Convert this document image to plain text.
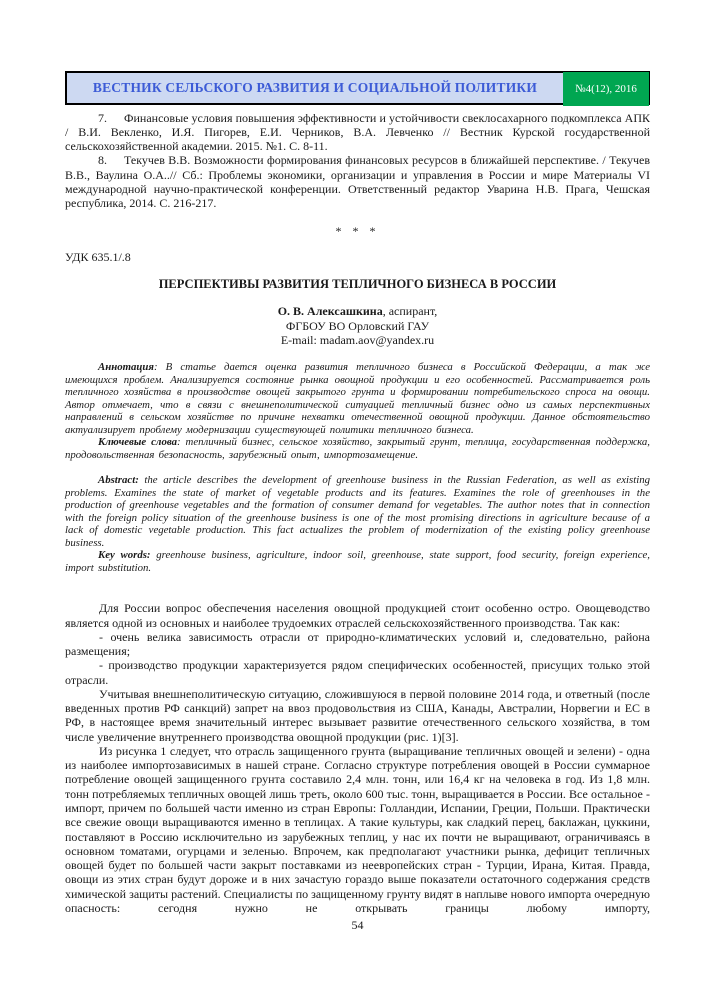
ВЕСТНИК СЕЛЬСКОГО РАЗВИТИЯ И СОЦИАЛЬНОЙ ПОЛИТИКИ	№4(12), 2016

7. Финансовые условия повышения эффективности и устойчивости свеклосахарного подкомплекса АПК / В.И. Векленко, И.Я. Пигорев, Е.И. Черников, В.А. Левченко // Вестник Курской государственной сельскохозяйственной академии. 2015. №1. С. 8-11.

8. Текучев В.В. Возможности формирования финансовых ресурсов в ближайшей перспективе. / Текучев В.В., Ваулина О.А..// Сб.: Проблемы экономики, организации и управления в России и мире Материалы VI международной научно-практической конференции. Ответственный редактор Уварина Н.В. Прага, Чешская республика, 2014. С. 216-217.

* * *

УДК 635.1/.8

ПЕРСПЕКТИВЫ РАЗВИТИЯ ТЕПЛИЧНОГО БИЗНЕСА В РОССИИ

О. В. Алексашкина, аспирант,

ФГБОУ ВО Орловский ГАУ

E-mail: madam.aov@yandex.ru

Аннотация: В статье дается оценка развития тепличного бизнеса в Российской Федерации, а так же имеющихся проблем. Анализируется состояние рынка овощной продукции и его особенностей. Рассматривается роль тепличного хозяйства в производстве овощей закрытого грунта и формировании потребительского спроса на овощи. Автор отмечает, что в связи с внешнеполитической ситуацией тепличный бизнес одно из самых перспективных направлений в сельском хозяйстве по причине нехватки отечественной овощной продукции. Данное обстоятельство актуализирует проблему модернизации существующей политики тепличного бизнеса.

Ключевые слова: тепличный бизнес, сельское хозяйство, закрытый грунт, теплица, государственная поддержка, продовольственная безопасность, зарубежный опыт, импортозамещение.

Abstract: the article describes the development of greenhouse business in the Russian Federation, as well as existing problems. Examines the state of market of vegetable products and its features. Examines the role of greenhouses in the production of greenhouse vegetables and the formation of consumer demand for vegetables. The author notes that in connection with the foreign policy situation of the greenhouse business is one of the most promising directions in agriculture because of a lack of domestic vegetable production. This fact actualizes the problem of modernization of the existing policy greenhouse business.

Key words: greenhouse business, agriculture, indoor soil, greenhouse, state support, food security, foreign experience, import substitution.

Для России вопрос обеспечения населения овощной продукцией стоит особенно остро. Овощеводство является одной из основных и наиболее трудоемких отраслей сельскохозяйственного производства. Так как:

- очень велика зависимость отрасли от природно-климатических условий и, следовательно, района размещения;

- производство продукции характеризуется рядом специфических особенностей, присущих только этой отрасли.

Учитывая внешнеполитическую ситуацию, сложившуюся в первой половине 2014 года, и ответный (после введенных против РФ санкций) запрет на ввоз продовольствия из США, Канады, Австралии, Норвегии и ЕС в РФ, в настоящее время значительный интерес вызывает развитие отечественного сельского хозяйства, в том числе увеличение внутреннего производства овощной продукции (рис. 1)[3].

Из рисунка 1 следует, что отрасль защищенного грунта (выращивание тепличных овощей и зелени) - одна из наиболее импортозависимых в нашей стране. Согласно структуре потребления овощей в России суммарное потребление овощей защищенного грунта составило 2,4 млн. тонн, или 16,4 кг на человека в год. Из 1,8 млн. тонн потребляемых тепличных овощей лишь треть, около 600 тыс. тонн, выращивается в России. Все остальное - импорт, причем по большей части именно из стран Европы: Голландии, Испании, Греции, Польши. Практически все свежие овощи выращиваются именно в теплицах. А такие культуры, как сладкий перец, баклажан, цуккини, поставляют в Россию исключительно из зарубежных теплиц, у нас их почти не выращивают, ограничиваясь в основном томатами, огурцами и зеленью. Впрочем, как предполагают участники рынка, дефицит тепличных овощей будет по большей части закрыт поставками из неевропейских стран - Турции, Ирана, Китая. Правда, овощи из этих стран будут дороже и в них зачастую гораздо выше показатели остаточного содержания средств химической защиты растений. Специалисты по защищенному грунту видят в наплыве нового импорта очередную опасность: сегодня нужно не открывать границы любому импорту,

54
